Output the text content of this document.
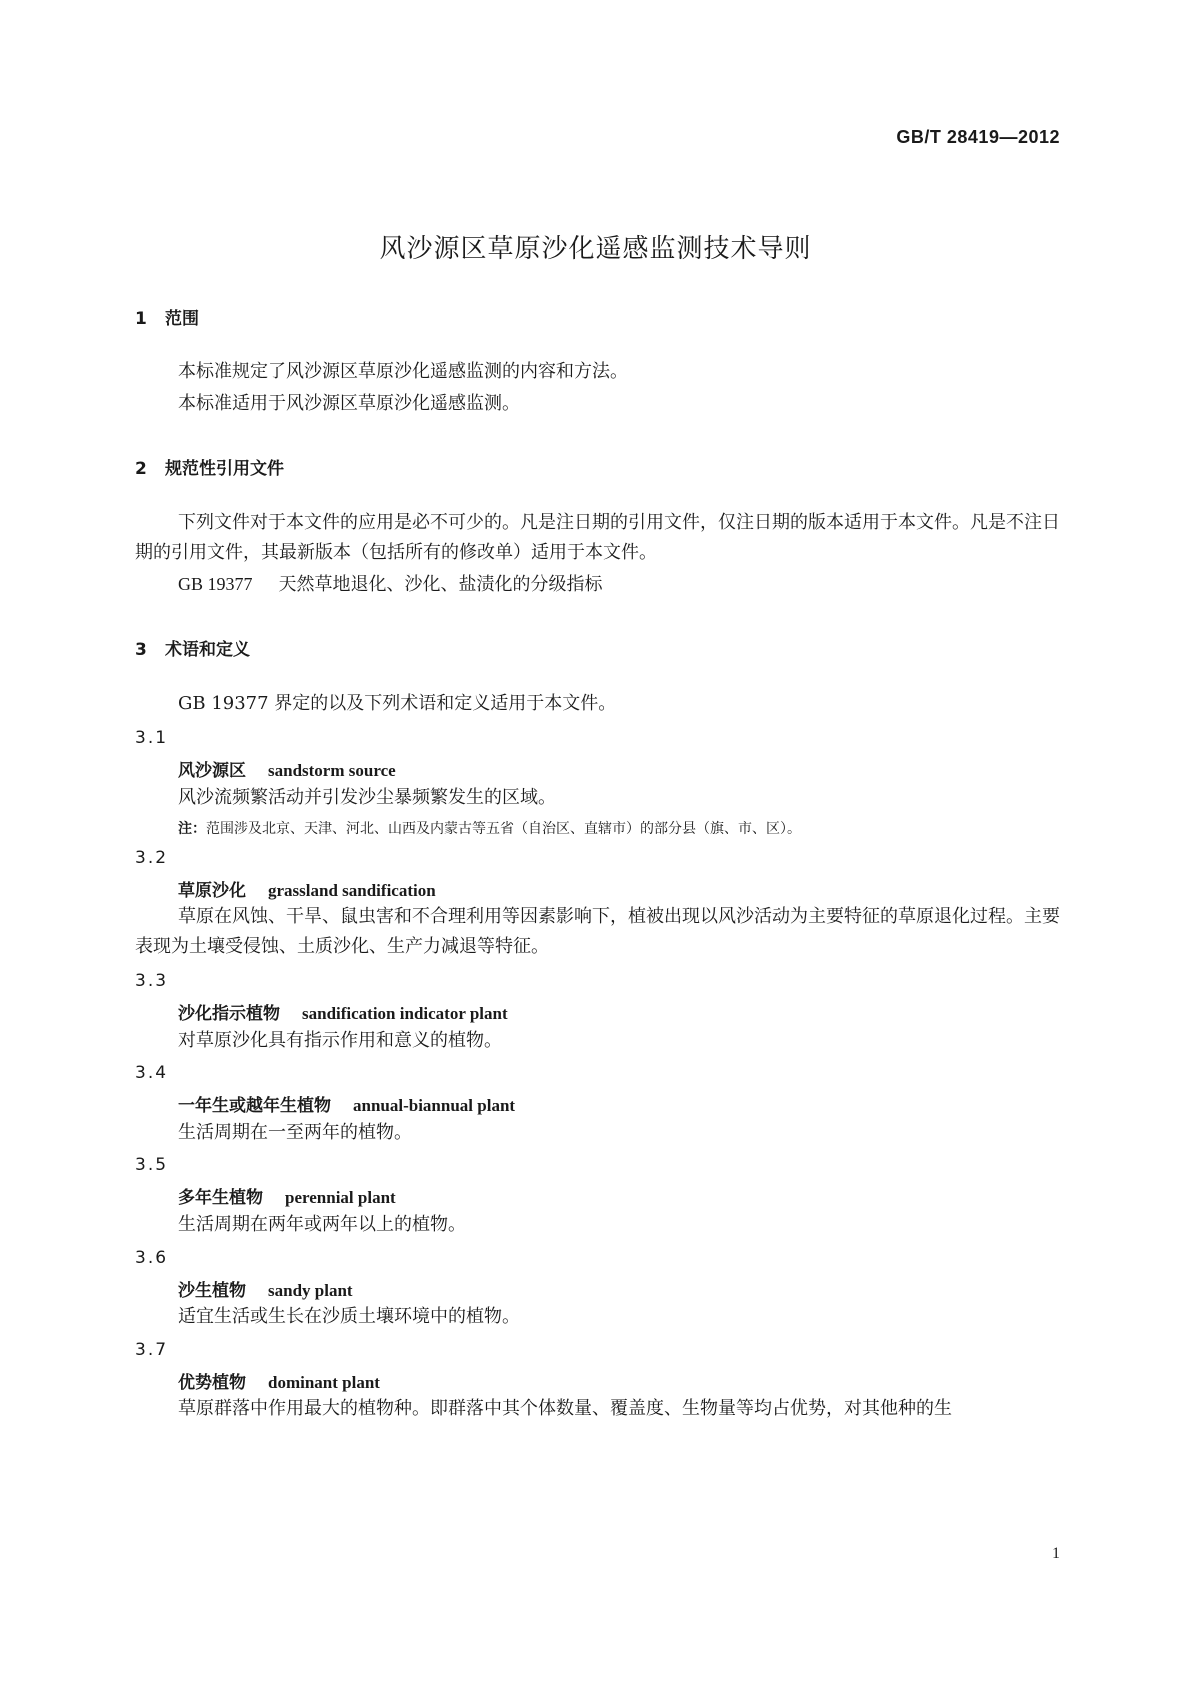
GB/T 28419—2012
风沙源区草原沙化遥感监测技术导则
1 范围
本标准规定了风沙源区草原沙化遥感监测的内容和方法。
本标准适用于风沙源区草原沙化遥感监测。
2 规范性引用文件
下列文件对于本文件的应用是必不可少的。凡是注日期的引用文件，仅注日期的版本适用于本文件。凡是不注日期的引用文件，其最新版本（包括所有的修改单）适用于本文件。
GB 19377 天然草地退化、沙化、盐渍化的分级指标
3 术语和定义
GB 19377 界定的以及下列术语和定义适用于本文件。
3.1
风沙源区 sandstorm source
风沙流频繁活动并引发沙尘暴频繁发生的区域。
注：范围涉及北京、天津、河北、山西及内蒙古等五省（自治区、直辖市）的部分县（旗、市、区）。
3.2
草原沙化 grassland sandification
草原在风蚀、干旱、鼠虫害和不合理利用等因素影响下，植被出现以风沙活动为主要特征的草原退化过程。主要表现为土壤受侵蚀、土质沙化、生产力减退等特征。
3.3
沙化指示植物 sandification indicator plant
对草原沙化具有指示作用和意义的植物。
3.4
一年生或越年生植物 annual-biannual plant
生活周期在一至两年的植物。
3.5
多年生植物 perennial plant
生活周期在两年或两年以上的植物。
3.6
沙生植物 sandy plant
适宜生活或生长在沙质土壤环境中的植物。
3.7
优势植物 dominant plant
草原群落中作用最大的植物种。即群落中其个体数量、覆盖度、生物量等均占优势，对其他种的生
1
